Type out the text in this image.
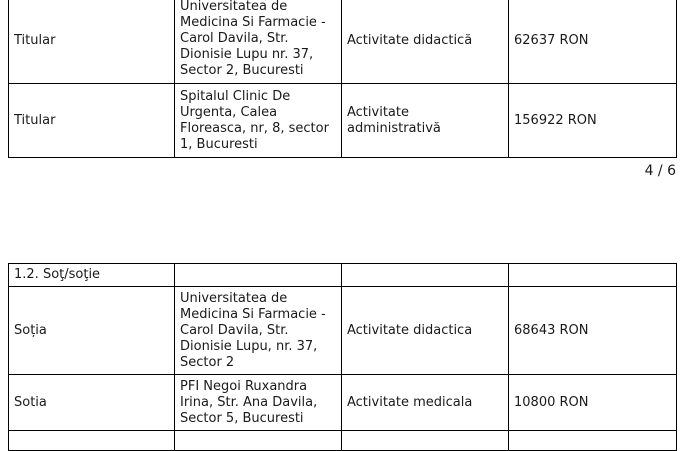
Titular	Universitatea de Medicina Si Farmacie - Carol Davila, Str. Dionisie Lupu nr. 37, Sector 2, Bucuresti	Activitate didactică	62637 RON
Titular	Spitalul Clinic De Urgenta, Calea Floreasca, nr, 8, sector 1, Bucuresti	Activitate administrativă	156922 RON
4 / 6
1.2. Soţ/soţie			
Soția	Universitatea de Medicina Si Farmacie - Carol Davila, Str. Dionisie Lupu, nr. 37, Sector 2	Activitate didactica	68643 RON
Sotia	PFI Negoi Ruxandra Irina, Str. Ana Davila, Sector 5, Bucuresti	Activitate medicala	10800 RON
